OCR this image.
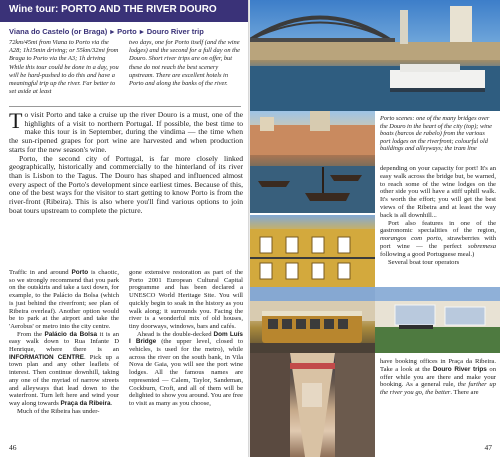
Wine tour: PORTO AND THE RIVER DOURO
Viana do Castelo (or Braga) ▸ Porto ▸ Douro River trip

72km/45mi from Viana to Porto via the A28; 1h15min driving; or 55km/32mi from Braga to Porto via the A3; 1h driving

While this tour could be done in a day, you will be hard-pushed to do this and have a meaningful trip up the river. Far better to set aside at least

two days, one for Porto itself (and the wine lodges) and the second for a full day on the Douro. Short river trips are on offer, but these do not reach the best scenery upstream. There are excellent hotels in Porto and along the banks of the river.

To visit Porto and take a cruise up the river Douro is a must, one of the highlights of a visit to northern Portugal. If possible, the best time to make this tour is in September, during the vindima — the time when the sun-ripened grapes for port wine are harvested and when production starts for the new season's wine.

Porto, the second city of Portugal, is far more closely linked geographically, historically and commercially to the hinterland of its river than is Lisbon to the Tagus. The Douro has shaped and influenced almost every aspect of the Porto's development since earliest times. Because of this, one of the best ways for the visitor to start getting to know Porto is from the river-front (Ribeira). This is also where you'll find various options to join boat tours upstream to complete the picture.

Traffic in and around Porto is chaotic, so we strongly recommend that you park on the outskirts and take a taxi down, for example, to the Palácio da Bolsa (which is just behind the riverfront; see plan of Ribeira overleaf). Another option would be to park at the airport and take the 'Aerobus' or metro into the city centre.

From the Palácio da Bolsa it is an easy walk down to Rua Infante D Henrique, where there is an INFORMATION CENTRE. Pick up a town plan and any other leaflets of interest. Then continue downhill, taking any one of the myriad of narrow streets and alleyways that lead down to the waterfront. Turn left here and wind your way along towards Praça da Ribeira.

Much of the Ribeira has under-

gone extensive restoration as part of the Porto 2001 European Cultural Capital programme and has been declared a UNESCO World Heritage Site. You will quickly begin to soak in the history as you walk along; it surrounds you. Facing the river is a wonderful mix of old houses, tiny doorways, windows, bars and cafés.

Ahead is the double-decked Dom Luís I Bridge (the upper level, closed to vehicles, is used for the metro), while across the river on the south bank, in Vila Nova de Gaia, you will see the port wine lodges. All the famous names are represented — Calem, Taylor, Sandeman, Cockburn, Croft, and all of them will be delighted to show you around. You are free to visit as many as you choose,

46
Porto scenes: one of the many bridges over the Douro in the heart of the city (top); wine boats (barcos de rabelo) from the various port lodges on the riverfront; colourful old buildings and alleyways; the tram line

depending on your capacity for port! It's an easy walk across the bridge but, be warned, to reach some of the wine lodges on the other side you will have a stiff uphill walk. It's worth the effort; you will get the best views of the Ribeira and at least the way back is all downhill...

Port also features in one of the gastronomic specialities of the region, morangos com porto, strawberries with port wine — the perfect sobremesa following a good Portuguese meal.)

Several boat tour operators

have booking offices in Praça da Ribeira. Take a look at the Douro River trips on offer while you are there and make your booking. As a general rule, the further up the river you go, the better. There are
47
